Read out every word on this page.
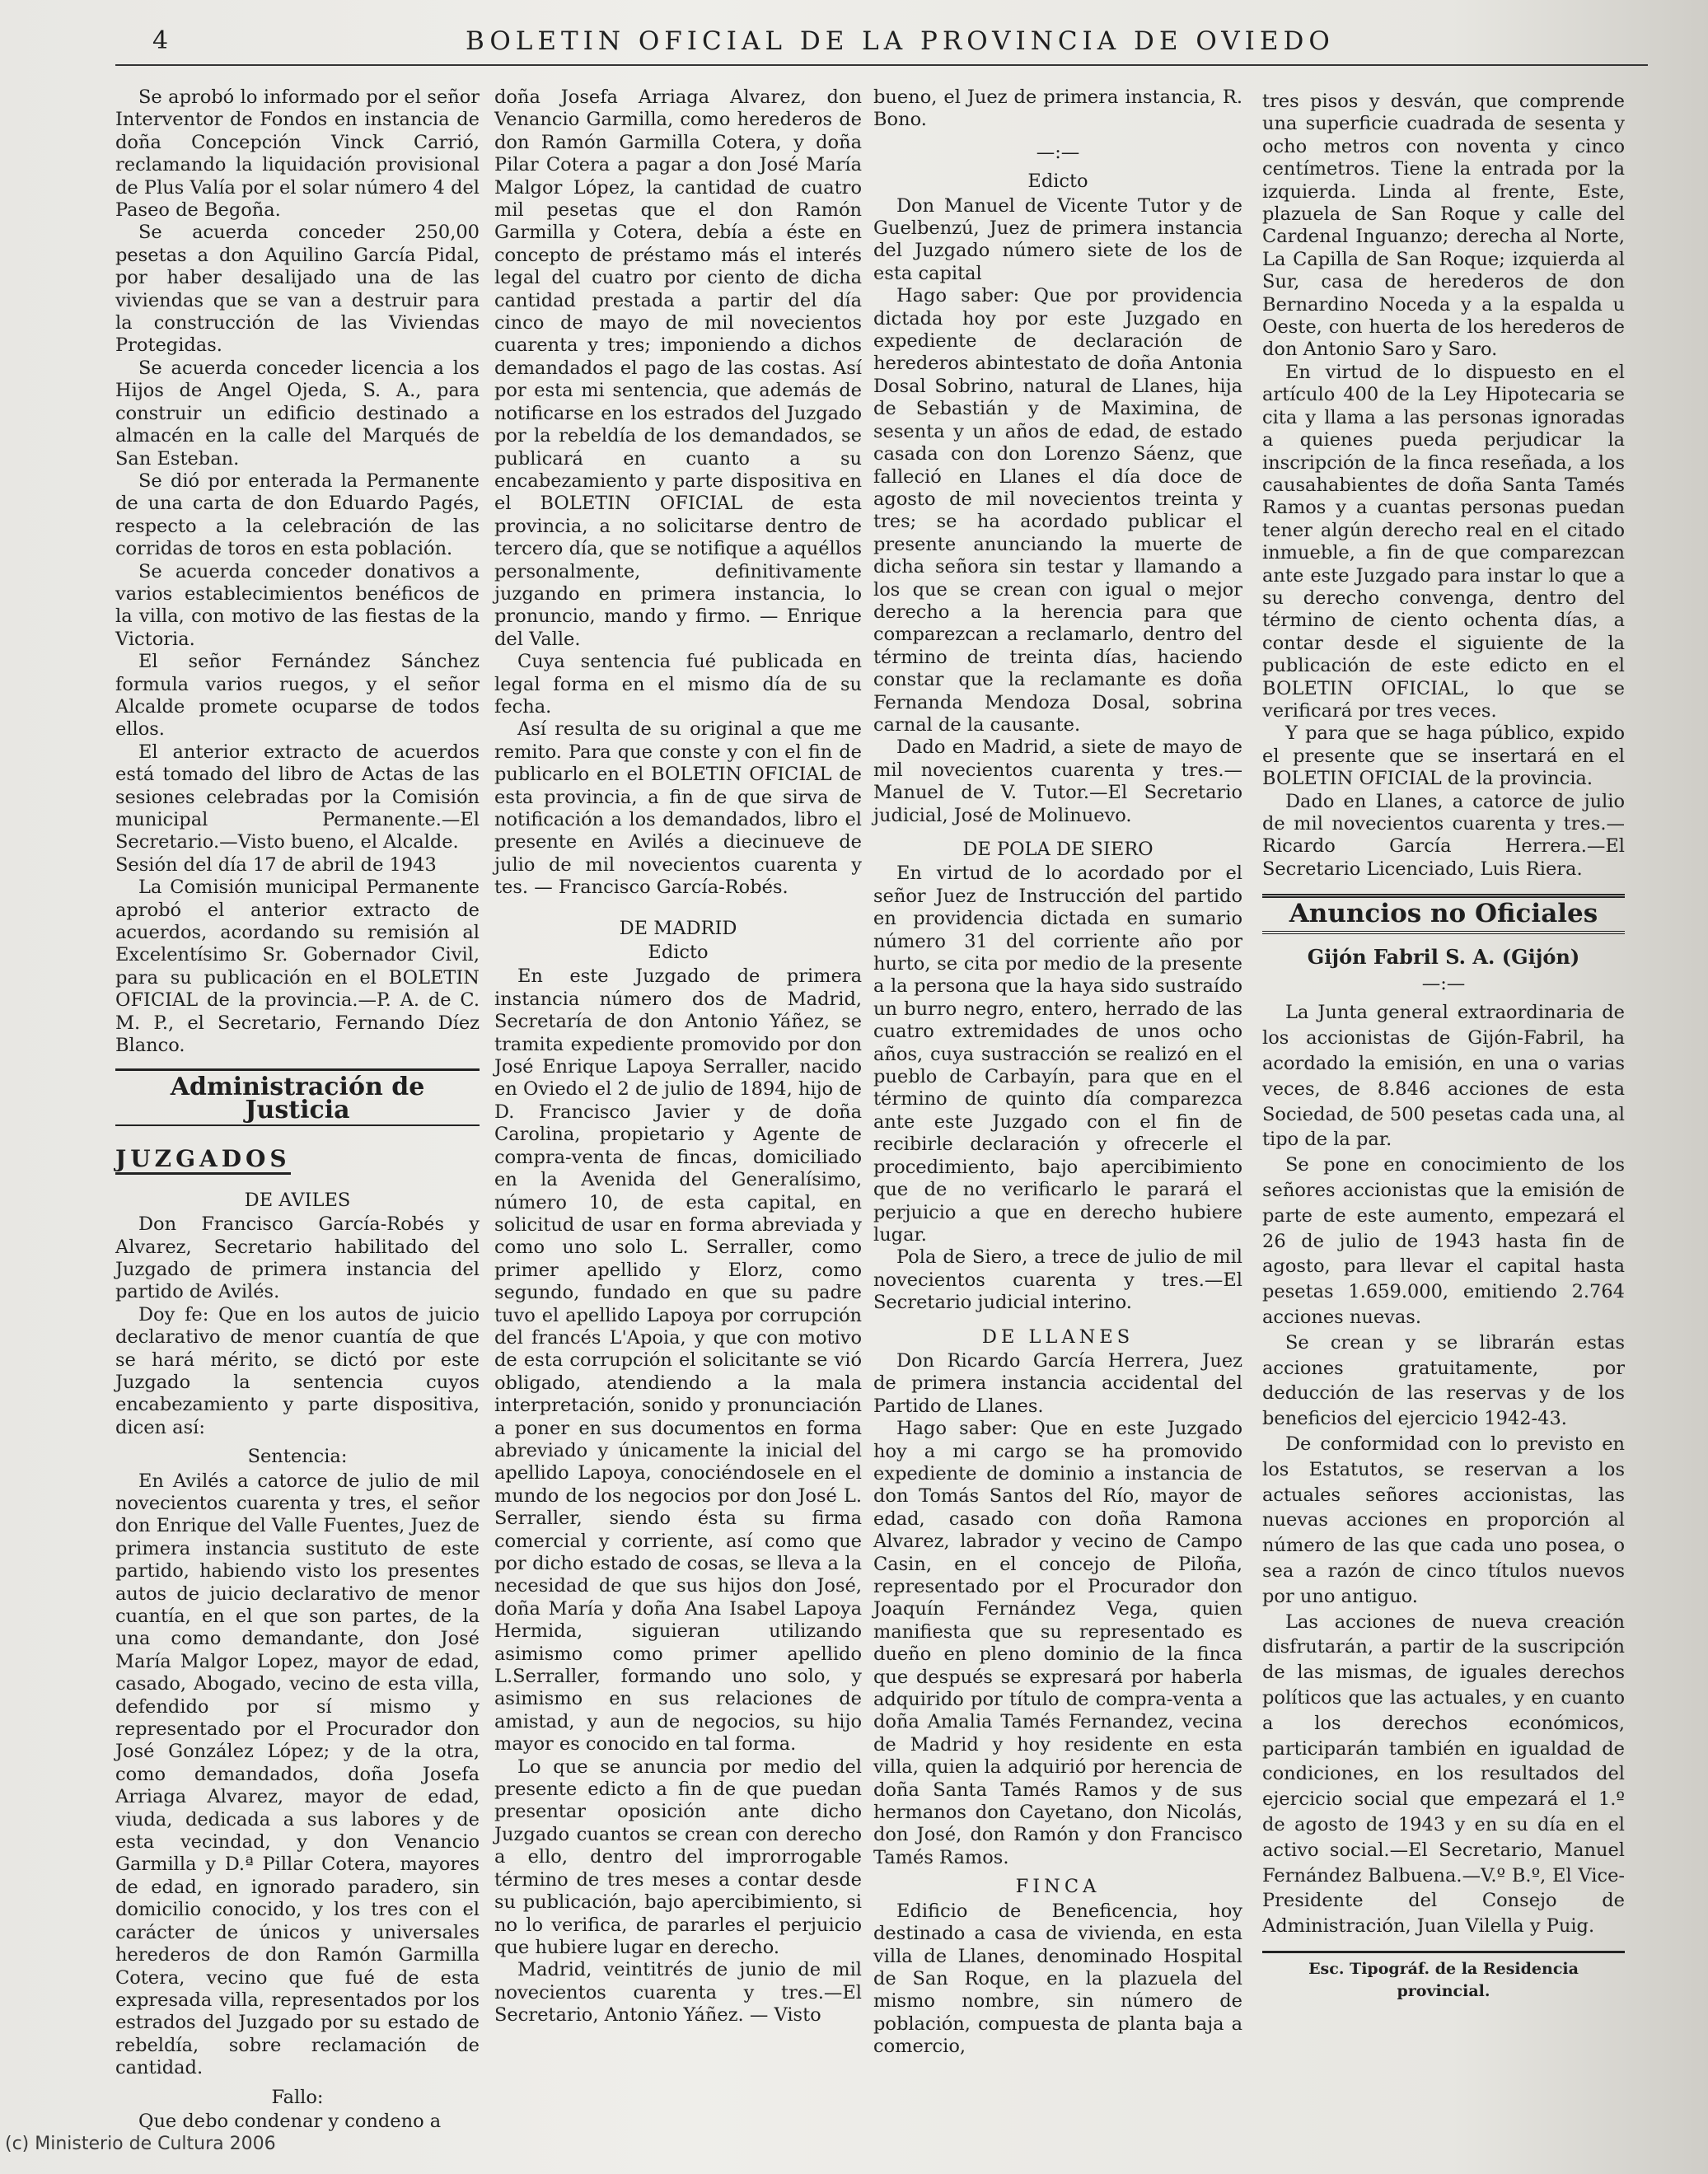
4	BOLETIN OFICIAL DE LA PROVINCIA DE OVIEDO

Se aprobó lo informado por el señor Interventor de Fondos en instancia de doña Concepción Vinck Carrió, reclamando la liquidación provisional de Plus Valía por el solar número 4 del Paseo de Begoña.

Se acuerda conceder 250,00 pesetas a don Aquilino García Pidal, por haber desalijado una de las viviendas que se van a destruir para la construcción de las Viviendas Protegidas.

Se acuerda conceder licencia a los Hijos de Angel Ojeda, S. A., para construir un edificio destinado a almacén en la calle del Marqués de San Esteban.

Se dió por enterada la Permanente de una carta de don Eduardo Pagés, respecto a la celebración de las corridas de toros en esta población.

Se acuerda conceder donativos a varios establecimientos benéficos de la villa, con motivo de las fiestas de la Victoria.

El señor Fernández Sánchez formula varios ruegos, y el señor Alcalde promete ocuparse de todos ellos.

El anterior extracto de acuerdos está tomado del libro de Actas de las sesiones celebradas por la Comisión municipal Permanente.—El Secretario.—Visto bueno, el Alcalde.

Sesión del día 17 de abril de 1943

La Comisión municipal Permanente aprobó el anterior extracto de acuerdos, acordando su remisión al Excelentísimo Sr. Gobernador Civil, para su publicación en el BOLETIN OFICIAL de la provincia.—P. A. de C. M. P., el Secretario, Fernando Díez Blanco.

Administración de Justicia
JUZGADOS
DE AVILES

Don Francisco García-Robés y Alvarez, Secretario habilitado del Juzgado de primera instancia del partido de Avilés.

Doy fe: Que en los autos de juicio declarativo de menor cuantía de que se hará mérito, se dictó por este Juzgado la sentencia cuyos encabezamiento y parte dispositiva, dicen así:

Sentencia:

En Avilés a catorce de julio de mil novecientos cuarenta y tres, el señor don Enrique del Valle Fuentes, Juez de primera instancia sustituto de este partido, habiendo visto los presentes autos de juicio declarativo de menor cuantía, en el que son partes, de la una como demandante, don José María Malgor Lopez, mayor de edad, casado, Abogado, vecino de esta villa, defendido por sí mismo y representado por el Procurador don José González López; y de la otra, como demandados, doña Josefa Arriaga Alvarez, mayor de edad, viuda, dedicada a sus labores y de esta vecindad, y don Venancio Garmilla y D.ª Pillar Cotera, mayores de edad, en ignorado paradero, sin domicilio conocido, y los tres con el carácter de únicos y universales herederos de don Ramón Garmilla Cotera, vecino que fué de esta expresada villa, representados por los estrados del Juzgado por su estado de rebeldía, sobre reclamación de cantidad.

Fallo:

Que debo condenar y condeno a

doña Josefa Arriaga Alvarez, don Venancio Garmilla, como herederos de don Ramón Garmilla Cotera, y doña Pilar Cotera a pagar a don José María Malgor López, la cantidad de cuatro mil pesetas que el don Ramón Garmilla y Cotera, debía a éste en concepto de préstamo más el interés legal del cuatro por ciento de dicha cantidad prestada a partir del día cinco de mayo de mil novecientos cuarenta y tres; imponiendo a dichos demandados el pago de las costas. Así por esta mi sentencia, que además de notificarse en los estrados del Juzgado por la rebeldía de los demandados, se publicará en cuanto a su encabezamiento y parte dispositiva en el BOLETIN OFICIAL de esta provincia, a no solicitarse dentro de tercero día, que se notifique a aquéllos personalmente, definitivamente juzgando en primera instancia, lo pronuncio, mando y firmo. — Enrique del Valle.

Cuya sentencia fué publicada en legal forma en el mismo día de su fecha.

Así resulta de su original a que me remito. Para que conste y con el fin de publicarlo en el BOLETIN OFICIAL de esta provincia, a fin de que sirva de notificación a los demandados, libro el presente en Avilés a diecinueve de julio de mil novecientos cuarenta y tes. — Francisco García-Robés.

DE MADRID
Edicto

En este Juzgado de primera instancia número dos de Madrid, Secretaría de don Antonio Yáñez, se tramita expediente promovido por don José Enrique Lapoya Serraller, nacido en Oviedo el 2 de julio de 1894, hijo de D. Francisco Javier y de doña Carolina, propietario y Agente de compra-venta de fincas, domiciliado en la Avenida del Generalísimo, número 10, de esta capital, en solicitud de usar en forma abreviada y como uno solo L. Serraller, como primer apellido y Elorz, como segundo, fundado en que su padre tuvo el apellido Lapoya por corrupción del francés L'Apoia, y que con motivo de esta corrupción el solicitante se vió obligado, atendiendo a la mala interpretación, sonido y pronunciación a poner en sus documentos en forma abreviado y únicamente la inicial del apellido Lapoya, conociéndosele en el mundo de los negocios por don José L. Serraller, siendo ésta su firma comercial y corriente, así como que por dicho estado de cosas, se lleva a la necesidad de que sus hijos don José, doña María y doña Ana Isabel Lapoya Hermida, siguieran utilizando asimismo como primer apellido L.Serraller, formando uno solo, y asimismo en sus relaciones de amistad, y aun de negocios, su hijo mayor es conocido en tal forma.

Lo que se anuncia por medio del presente edicto a fin de que puedan presentar oposición ante dicho Juzgado cuantos se crean con derecho a ello, dentro del improrrogable término de tres meses a contar desde su publicación, bajo apercibimiento, si no lo verifica, de pararles el perjuicio que hubiere lugar en derecho.

Madrid, veintitrés de junio de mil novecientos cuarenta y tres.—El Secretario, Antonio Yáñez. — Visto

bueno, el Juez de primera instancia, R. Bono.

—:—
Edicto

Don Manuel de Vicente Tutor y de Guelbenzú, Juez de primera instancia del Juzgado número siete de los de esta capital

Hago saber: Que por providencia dictada hoy por este Juzgado en expediente de declaración de herederos abintestato de doña Antonia Dosal Sobrino, natural de Llanes, hija de Sebastián y de Maximina, de sesenta y un años de edad, de estado casada con don Lorenzo Sáenz, que falleció en Llanes el día doce de agosto de mil novecientos treinta y tres; se ha acordado publicar el presente anunciando la muerte de dicha señora sin testar y llamando a los que se crean con igual o mejor derecho a la herencia para que comparezcan a reclamarlo, dentro del término de treinta días, haciendo constar que la reclamante es doña Fernanda Mendoza Dosal, sobrina carnal de la causante.

Dado en Madrid, a siete de mayo de mil novecientos cuarenta y tres.—Manuel de V. Tutor.—El Secretario judicial, José de Molinuevo.

DE POLA DE SIERO

En virtud de lo acordado por el señor Juez de Instrucción del partido en providencia dictada en sumario número 31 del corriente año por hurto, se cita por medio de la presente a la persona que la haya sido sustraído un burro negro, entero, herrado de las cuatro extremidades de unos ocho años, cuya sustracción se realizó en el pueblo de Carbayín, para que en el término de quinto día comparezca ante este Juzgado con el fin de recibirle declaración y ofrecerle el procedimiento, bajo apercibimiento que de no verificarlo le parará el perjuicio a que en derecho hubiere lugar.

Pola de Siero, a trece de julio de mil novecientos cuarenta y tres.—El Secretario judicial interino.

DE LLANES

Don Ricardo García Herrera, Juez de primera instancia accidental del Partido de Llanes.

Hago saber: Que en este Juzgado hoy a mi cargo se ha promovido expediente de dominio a instancia de don Tomás Santos del Río, mayor de edad, casado con doña Ramona Alvarez, labrador y vecino de Campo Casin, en el concejo de Piloña, representado por el Procurador don Joaquín Fernández Vega, quien manifiesta que su representado es dueño en pleno dominio de la finca que después se expresará por haberla adquirido por título de compra-venta a doña Amalia Tamés Fernandez, vecina de Madrid y hoy residente en esta villa, quien la adquirió por herencia de doña Santa Tamés Ramos y de sus hermanos don Cayetano, don Nicolás, don José, don Ramón y don Francisco Tamés Ramos.

FINCA

Edificio de Beneficencia, hoy destinado a casa de vivienda, en esta villa de Llanes, denominado Hospital de San Roque, en la plazuela del mismo nombre, sin número de población, compuesta de planta baja a comercio,

tres pisos y desván, que comprende una superficie cuadrada de sesenta y ocho metros con noventa y cinco centímetros. Tiene la entrada por la izquierda. Linda al frente, Este, plazuela de San Roque y calle del Cardenal Inguanzo; derecha al Norte, La Capilla de San Roque; izquierda al Sur, casa de herederos de don Bernardino Noceda y a la espalda u Oeste, con huerta de los herederos de don Antonio Saro y Saro.

En virtud de lo dispuesto en el artículo 400 de la Ley Hipotecaria se cita y llama a las personas ignoradas a quienes pueda perjudicar la inscripción de la finca reseñada, a los causahabientes de doña Santa Tamés Ramos y a cuantas personas puedan tener algún derecho real en el citado inmueble, a fin de que comparezcan ante este Juzgado para instar lo que a su derecho convenga, dentro del término de ciento ochenta días, a contar desde el siguiente de la publicación de este edicto en el BOLETIN OFICIAL, lo que se verificará por tres veces.

Y para que se haga público, expido el presente que se insertará en el BOLETIN OFICIAL de la provincia.

Dado en Llanes, a catorce de julio de mil novecientos cuarenta y tres.—Ricardo García Herrera.—El Secretario Licenciado, Luis Riera.

Anuncios no Oficiales
Gijón Fabril S. A. (Gijón)
—:—

La Junta general extraordinaria de los accionistas de Gijón-Fabril, ha acordado la emisión, en una o varias veces, de 8.846 acciones de esta Sociedad, de 500 pesetas cada una, al tipo de la par.

Se pone en conocimiento de los señores accionistas que la emisión de parte de este aumento, empezará el 26 de julio de 1943 hasta fin de agosto, para llevar el capital hasta pesetas 1.659.000, emitiendo 2.764 acciones nuevas.

Se crean y se librarán estas acciones gratuitamente, por deducción de las reservas y de los beneficios del ejercicio 1942-43.

De conformidad con lo previsto en los Estatutos, se reservan a los actuales señores accionistas, las nuevas acciones en proporción al número de las que cada uno posea, o sea a razón de cinco títulos nuevos por uno antiguo.

Las acciones de nueva creación disfrutarán, a partir de la suscripción de las mismas, de iguales derechos políticos que las actuales, y en cuanto a los derechos económicos, participarán también en igualdad de condiciones, en los resultados del ejercicio social que empezará el 1.º de agosto de 1943 y en su día en el activo social.—El Secretario, Manuel Fernández Balbuena.—V.º B.º, El Vice-Presidente del Consejo de Administración, Juan Vilella y Puig.

Esc. Tipográf. de la Residencia provincial.
(c) Ministerio de Cultura 2006
